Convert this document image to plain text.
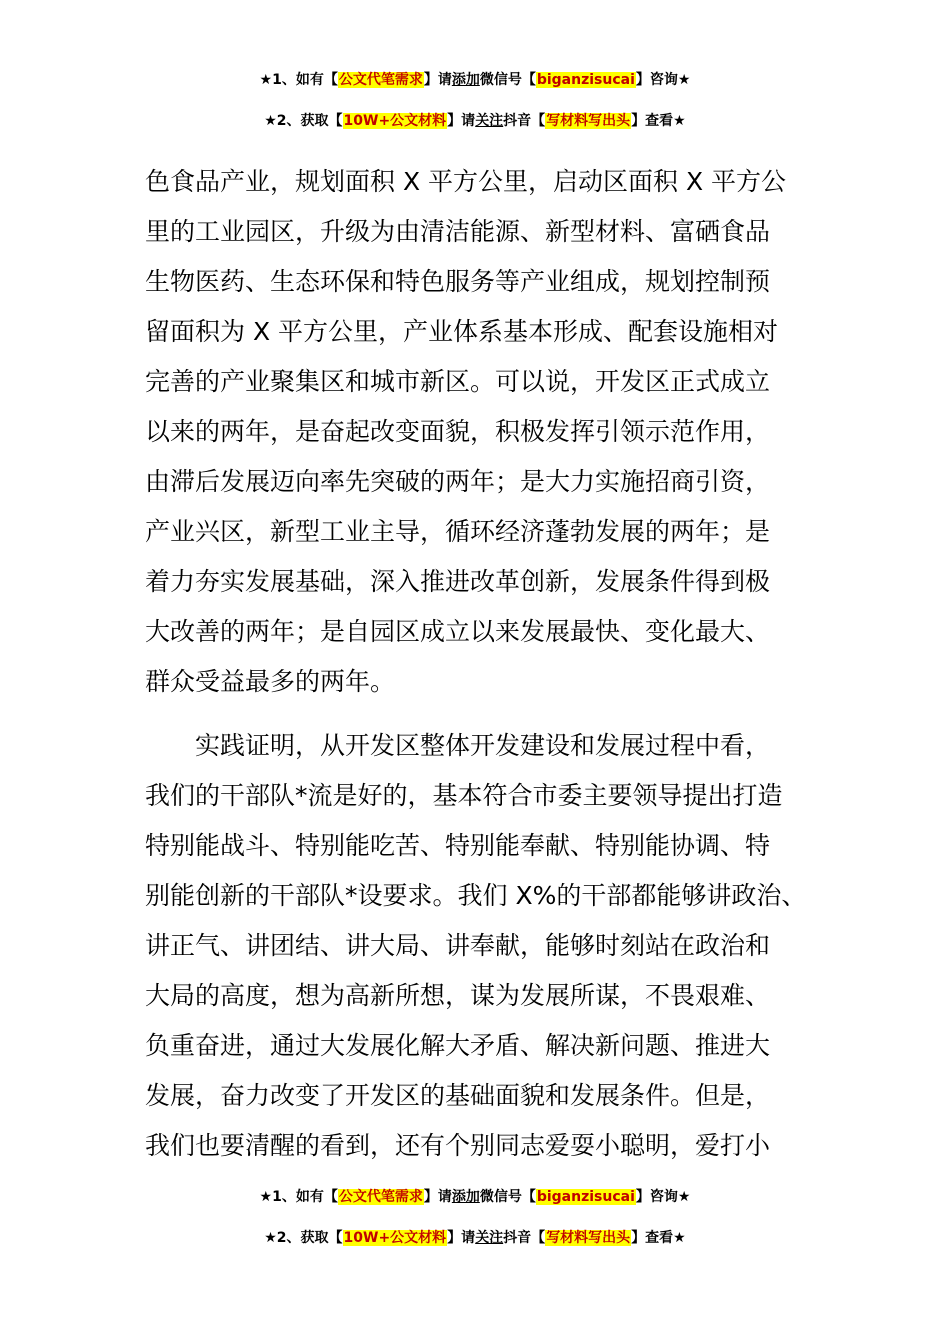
★1、如有【公文代笔需求】请添加微信号【biganzisucai】咨询★
★2、获取【10W+公文材料】请关注抖音【写材料写出头】查看★
色食品产业，规划面积 X 平方公里，启动区面积 X 平方公
里的工业园区，升级为由清洁能源、新型材料、富硒食品
生物医药、生态环保和特色服务等产业组成，规划控制预
留面积为 X 平方公里，产业体系基本形成、配套设施相对
完善的产业聚集区和城市新区。可以说，开发区正式成立
以来的两年，是奋起改变面貌，积极发挥引领示范作用，
由滞后发展迈向率先突破的两年；是大力实施招商引资，
产业兴区，新型工业主导，循环经济蓬勃发展的两年；是
着力夯实发展基础，深入推进改革创新，发展条件得到极
大改善的两年；是自园区成立以来发展最快、变化最大、
群众受益最多的两年。
　　实践证明，从开发区整体开发建设和发展过程中看，
我们的干部队*流是好的，基本符合市委主要领导提出打造
特别能战斗、特别能吃苦、特别能奉献、特别能协调、特
别能创新的干部队*设要求。我们 X%的干部都能够讲政治、
讲正气、讲团结、讲大局、讲奉献，能够时刻站在政治和
大局的高度，想为高新所想，谋为发展所谋，不畏艰难、
负重奋进，通过大发展化解大矛盾、解决新问题、推进大
发展，奋力改变了开发区的基础面貌和发展条件。但是，
我们也要清醒的看到，还有个别同志爱耍小聪明，爱打小
★1、如有【公文代笔需求】请添加微信号【biganzisucai】咨询★
★2、获取【10W+公文材料】请关注抖音【写材料写出头】查看★
